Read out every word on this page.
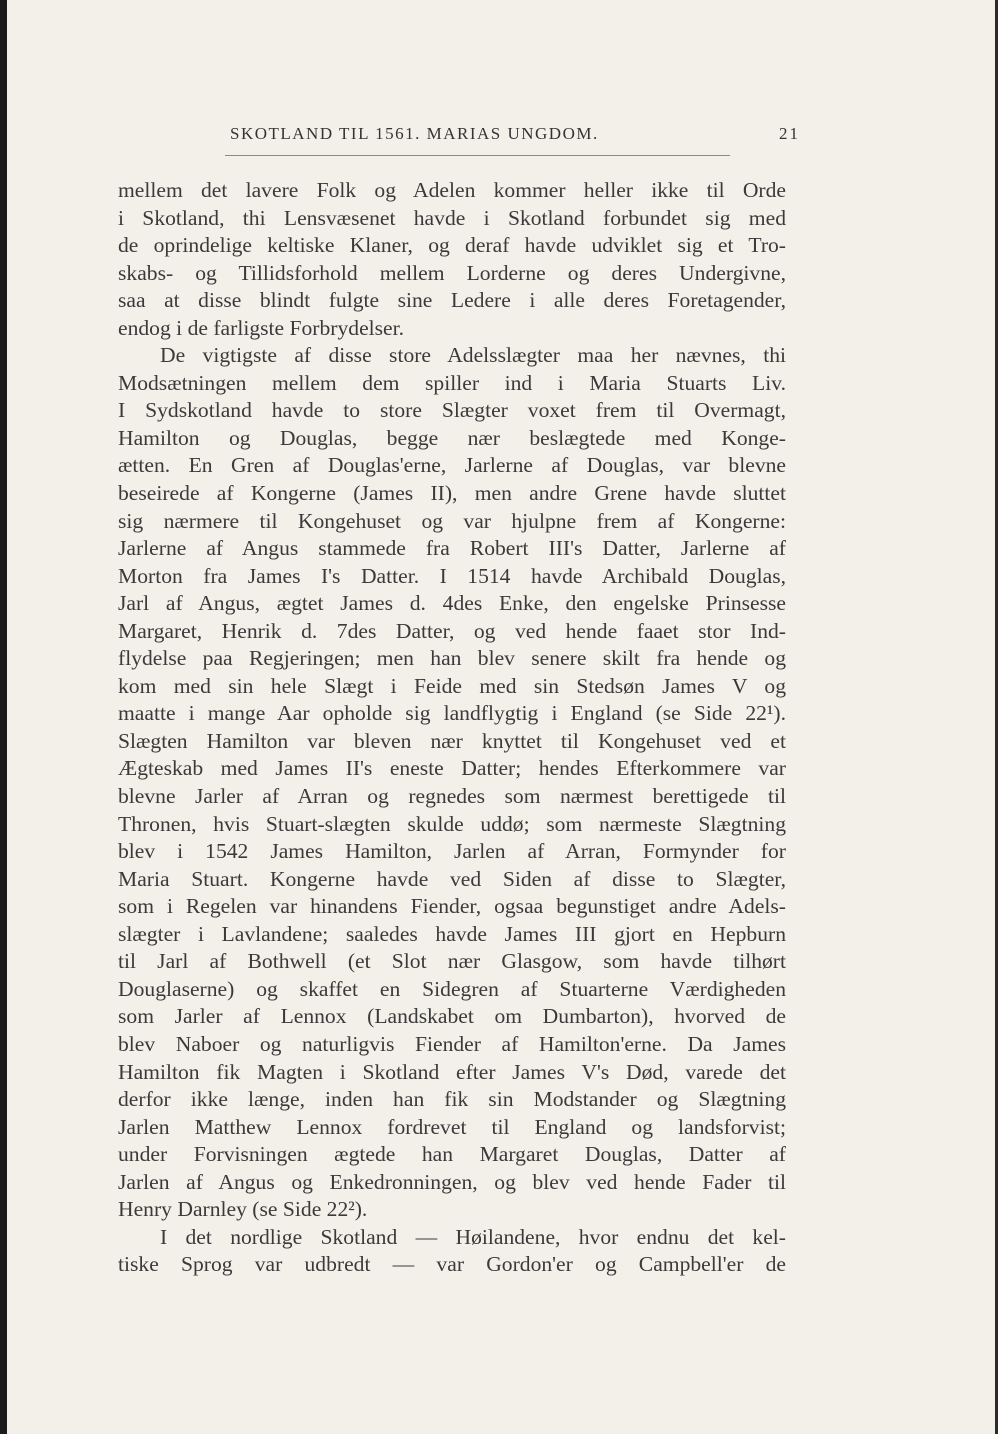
SKOTLAND TIL 1561. MARIAS UNGDOM.	21
mellem det lavere Folk og Adelen kommer heller ikke til Orde
i Skotland, thi Lensvæsenet havde i Skotland forbundet sig med
de oprindelige keltiske Klaner, og deraf havde udviklet sig et Tro-
skabs- og Tillidsforhold mellem Lorderne og deres Undergivne,
saa at disse blindt fulgte sine Ledere i alle deres Foretagender,
endog i de farligste Forbrydelser.
De vigtigste af disse store Adelsslægter maa her nævnes, thi
Modsætningen mellem dem spiller ind i Maria Stuarts Liv.
I Sydskotland havde to store Slægter voxet frem til Overmagt,
Hamilton og Douglas, begge nær beslægtede med Konge-
ætten. En Gren af Douglas'erne, Jarlerne af Douglas, var blevne
beseirede af Kongerne (James II), men andre Grene havde sluttet
sig nærmere til Kongehuset og var hjulpne frem af Kongerne:
Jarlerne af Angus stammede fra Robert III's Datter, Jarlerne af
Morton fra James I's Datter. I 1514 havde Archibald Douglas,
Jarl af Angus, ægtet James d. 4des Enke, den engelske Prinsesse
Margaret, Henrik d. 7des Datter, og ved hende faaet stor Ind-
flydelse paa Regjeringen; men han blev senere skilt fra hende og
kom med sin hele Slægt i Feide med sin Stedsøn James V og
maatte i mange Aar opholde sig landflygtig i England (se Side 22¹).
Slægten Hamilton var bleven nær knyttet til Kongehuset ved et
Ægteskab med James II's eneste Datter; hendes Efterkommere var
blevne Jarler af Arran og regnedes som nærmest berettigede til
Thronen, hvis Stuart-slægten skulde uddø; som nærmeste Slægtning
blev i 1542 James Hamilton, Jarlen af Arran, Formynder for
Maria Stuart. Kongerne havde ved Siden af disse to Slægter,
som i Regelen var hinandens Fiender, ogsaa begunstiget andre Adels-
slægter i Lavlandene; saaledes havde James III gjort en Hepburn
til Jarl af Bothwell (et Slot nær Glasgow, som havde tilhørt
Douglaserne) og skaffet en Sidegren af Stuarterne Værdigheden
som Jarler af Lennox (Landskabet om Dumbarton), hvorved de
blev Naboer og naturligvis Fiender af Hamilton'erne. Da James
Hamilton fik Magten i Skotland efter James V's Død, varede det
derfor ikke længe, inden han fik sin Modstander og Slægtning
Jarlen Matthew Lennox fordrevet til England og landsforvist;
under Forvisningen ægtede han Margaret Douglas, Datter af
Jarlen af Angus og Enkedronningen, og blev ved hende Fader til
Henry Darnley (se Side 22²).
I det nordlige Skotland — Høilandene, hvor endnu det kel-
tiske Sprog var udbredt — var Gordon'er og Campbell'er de
